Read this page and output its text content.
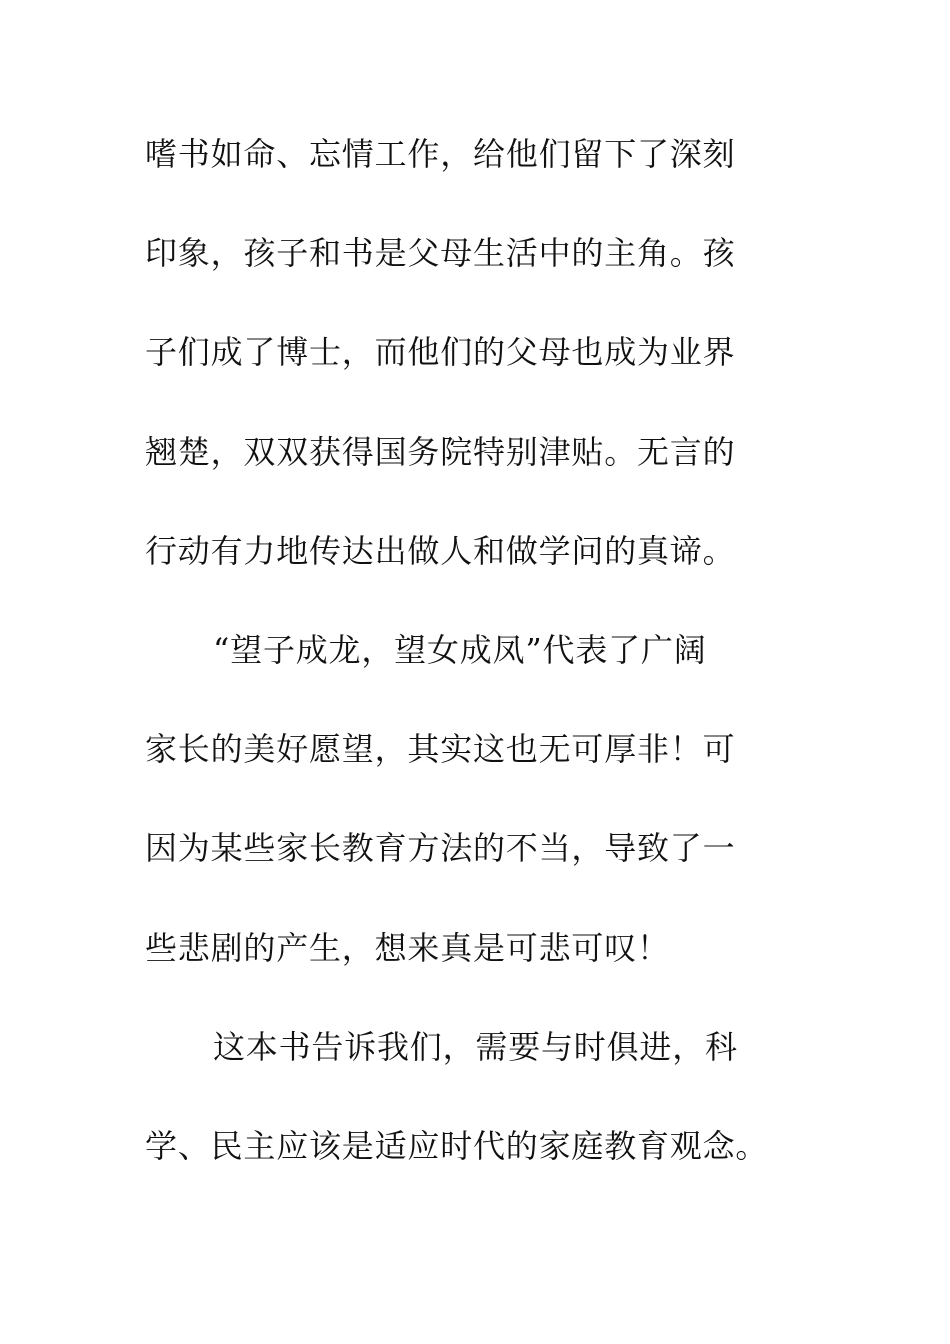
嗜书如命、忘情工作，给他们留下了深刻
印象，孩子和书是父母生活中的主角。孩
子们成了博士，而他们的父母也成为业界
翘楚，双双获得国务院特别津贴。无言的
行动有力地传达出做人和做学问的真谛。
“望子成龙，望女成凤”代表了广阔
家长的美好愿望，其实这也无可厚非！可
因为某些家长教育方法的不当，导致了一
些悲剧的产生，想来真是可悲可叹！
这本书告诉我们，需要与时俱进，科
学、民主应该是适应时代的家庭教育观念。
